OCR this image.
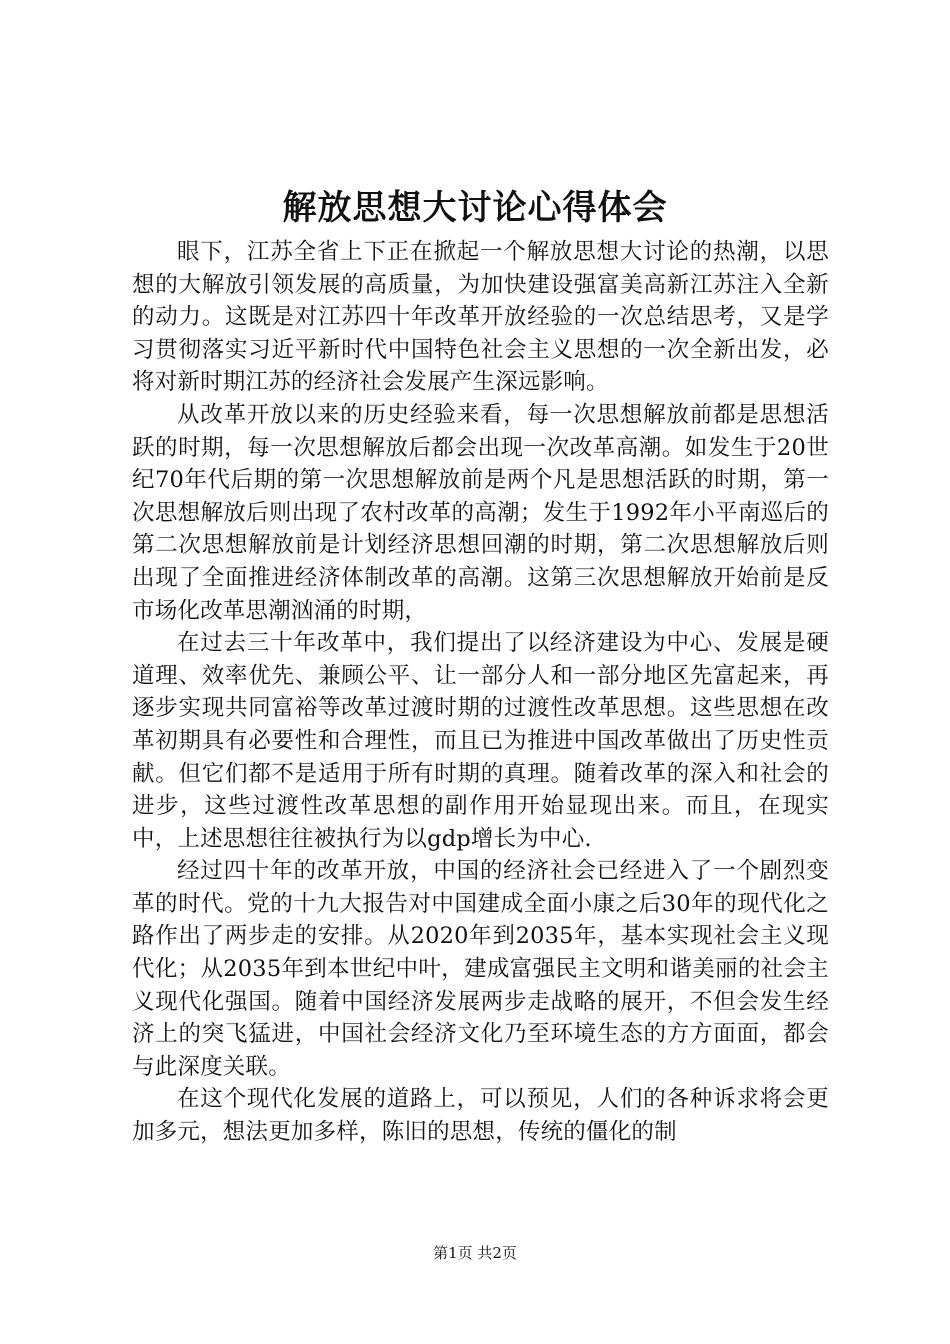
解放思想大讨论心得体会

眼下，江苏全省上下正在掀起一个解放思想大讨论的热潮，以思想的大解放引领发展的高质量，为加快建设强富美高新江苏注入全新的动力。这既是对江苏四十年改革开放经验的一次总结思考，又是学习贯彻落实习近平新时代中国特色社会主义思想的一次全新出发，必将对新时期江苏的经济社会发展产生深远影响。

从改革开放以来的历史经验来看，每一次思想解放前都是思想活跃的时期，每一次思想解放后都会出现一次改革高潮。如发生于20世纪70年代后期的第一次思想解放前是两个凡是思想活跃的时期，第一次思想解放后则出现了农村改革的高潮；发生于1992年小平南巡后的第二次思想解放前是计划经济思想回潮的时期，第二次思想解放后则出现了全面推进经济体制改革的高潮。这第三次思想解放开始前是反市场化改革思潮汹涌的时期，

在过去三十年改革中，我们提出了以经济建设为中心、发展是硬道理、效率优先、兼顾公平、让一部分人和一部分地区先富起来，再逐步实现共同富裕等改革过渡时期的过渡性改革思想。这些思想在改革初期具有必要性和合理性，而且已为推进中国改革做出了历史性贡献。但它们都不是适用于所有时期的真理。随着改革的深入和社会的进步，这些过渡性改革思想的副作用开始显现出来。而且，在现实中，上述思想往往被执行为以gdp增长为中心.

经过四十年的改革开放，中国的经济社会已经进入了一个剧烈变革的时代。党的十九大报告对中国建成全面小康之后30年的现代化之路作出了两步走的安排。从2020年到2035年，基本实现社会主义现代化；从2035年到本世纪中叶，建成富强民主文明和谐美丽的社会主义现代化强国。随着中国经济发展两步走战略的展开，不但会发生经济上的突飞猛进，中国社会经济文化乃至环境生态的方方面面，都会与此深度关联。

在这个现代化发展的道路上，可以预见，人们的各种诉求将会更加多元，想法更加多样，陈旧的思想，传统的僵化的制

第1页 共2页
